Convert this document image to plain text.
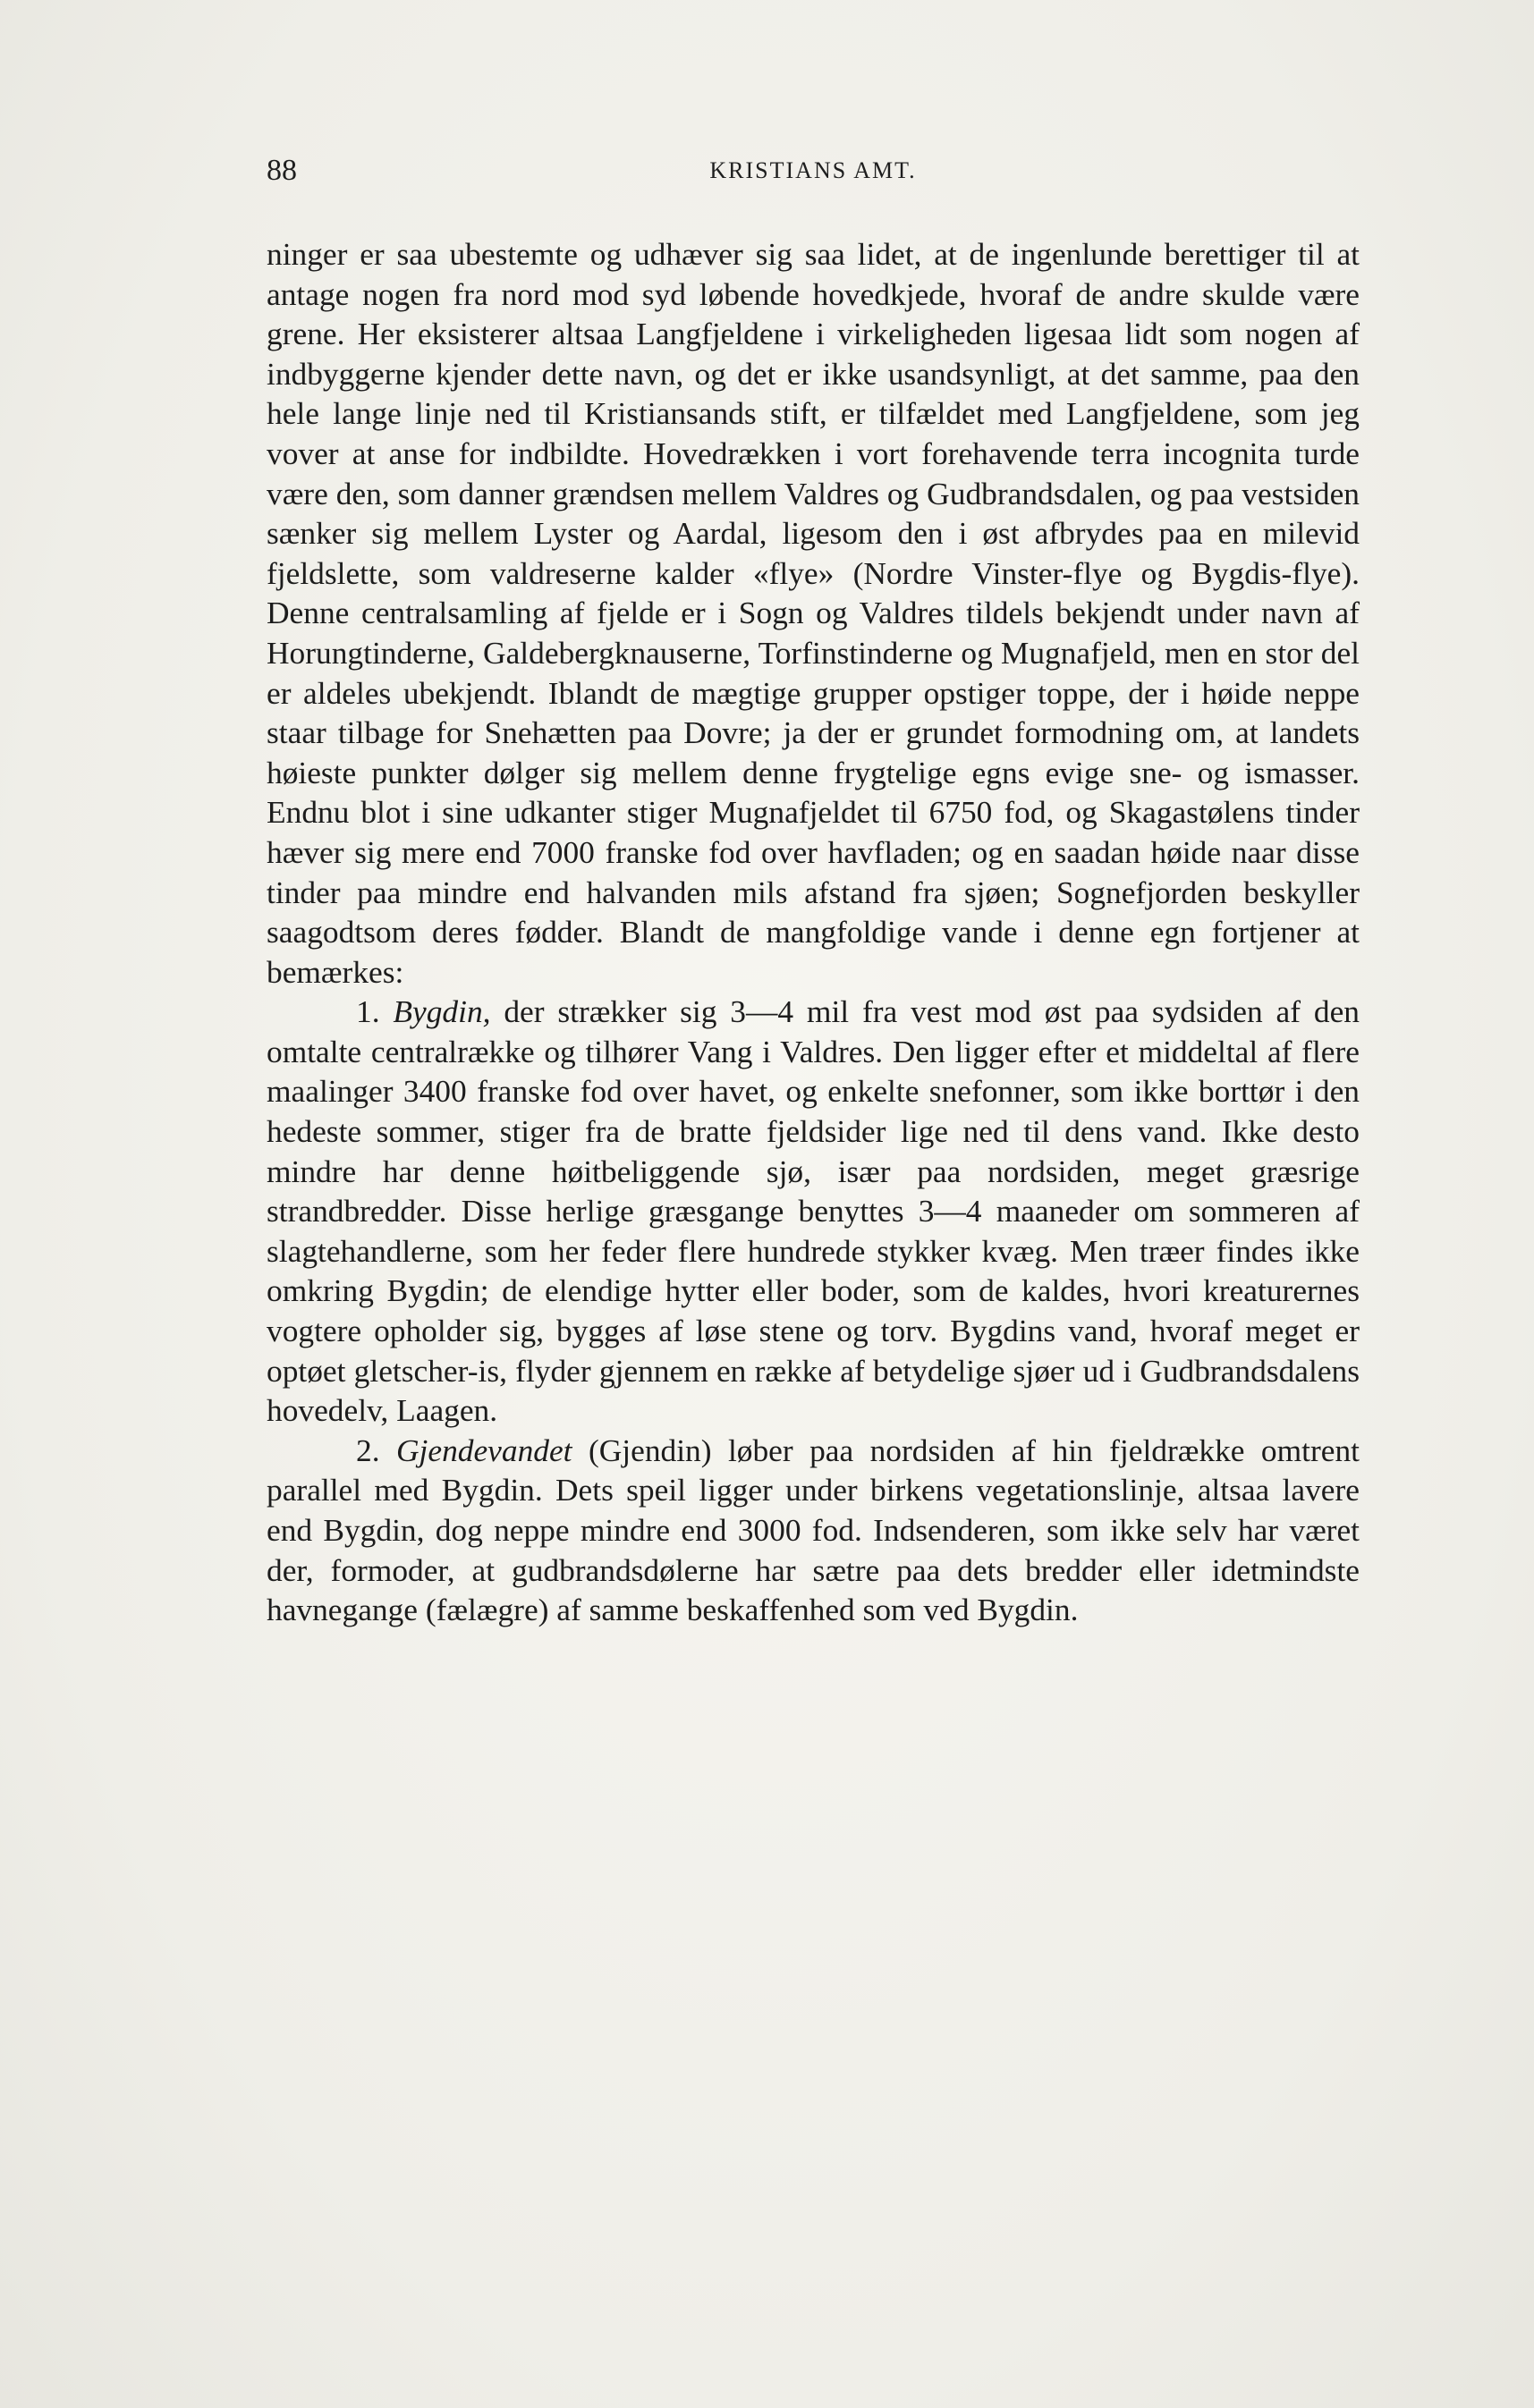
88	KRISTIANS AMT.

ninger er saa ubestemte og udhæver sig saa lidet, at de ingenlunde berettiger til at antage nogen fra nord mod syd løbende hovedkjede, hvoraf de andre skulde være grene. Her eksisterer altsaa Langfjeldene i virkeligheden ligesaa lidt som nogen af indbyggerne kjender dette navn, og det er ikke usandsynligt, at det samme, paa den hele lange linje ned til Kristiansands stift, er tilfældet med Langfjeldene, som jeg vover at anse for indbildte. Hovedrækken i vort forehavende terra incognita turde være den, som danner grændsen mellem Valdres og Gudbrandsdalen, og paa vestsiden sænker sig mellem Lyster og Aardal, ligesom den i øst afbrydes paa en milevid fjeldslette, som valdreserne kalder «flye» (Nordre Vinster-flye og Bygdis-flye). Denne centralsamling af fjelde er i Sogn og Valdres tildels bekjendt under navn af Horungtinderne, Galdebergknauserne, Torfinstinderne og Mugnafjeld, men en stor del er aldeles ubekjendt. Iblandt de mægtige grupper opstiger toppe, der i høide neppe staar tilbage for Snehætten paa Dovre; ja der er grundet formodning om, at landets høieste punkter dølger sig mellem denne frygtelige egns evige sne- og ismasser. Endnu blot i sine udkanter stiger Mugnafjeldet til 6750 fod, og Skagastølens tinder hæver sig mere end 7000 franske fod over havfladen; og en saadan høide naar disse tinder paa mindre end halvanden mils afstand fra sjøen; Sognefjorden beskyller saagodtsom deres fødder. Blandt de mangfoldige vande i denne egn fortjener at bemærkes:

1. Bygdin, der strækker sig 3—4 mil fra vest mod øst paa sydsiden af den omtalte centralrække og tilhører Vang i Valdres. Den ligger efter et middeltal af flere maalinger 3400 franske fod over havet, og enkelte snefonner, som ikke borttør i den hedeste sommer, stiger fra de bratte fjeldsider lige ned til dens vand. Ikke desto mindre har denne høitbeliggende sjø, især paa nordsiden, meget græsrige strandbredder. Disse herlige græsgange benyttes 3—4 maaneder om sommeren af slagtehandlerne, som her feder flere hundrede stykker kvæg. Men træer findes ikke omkring Bygdin; de elendige hytter eller boder, som de kaldes, hvori kreaturernes vogtere opholder sig, bygges af løse stene og torv. Bygdins vand, hvoraf meget er optøet gletscher-is, flyder gjennem en række af betydelige sjøer ud i Gudbrandsdalens hovedelv, Laagen.

2. Gjendevandet (Gjendin) løber paa nordsiden af hin fjeldrække omtrent parallel med Bygdin. Dets speil ligger under birkens vegetationslinje, altsaa lavere end Bygdin, dog neppe mindre end 3000 fod. Indsenderen, som ikke selv har været der, formoder, at gudbrandsdølerne har sætre paa dets bredder eller idetmindste havnegange (fælægre) af samme beskaffenhed som ved Bygdin.
